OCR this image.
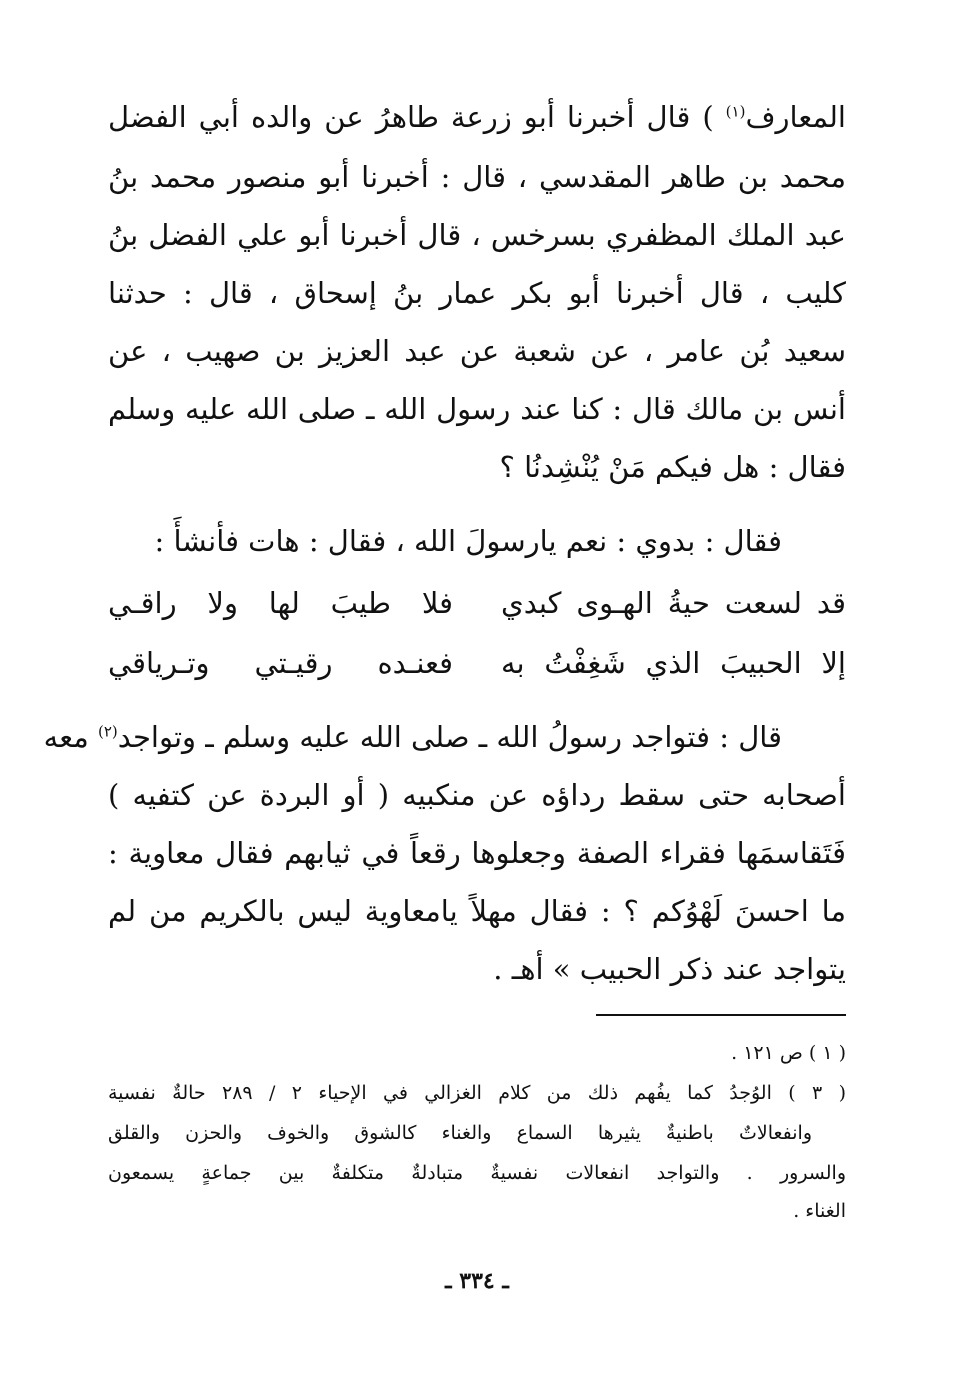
المعارف$^{(١)}$ ) قال أخبرنا أبو زرعة طاهرُ عن والده أبي الفضل
محمد بن طاهر المقدسي ، قال : أخبرنا أبو منصور محمد بنُ
عبد الملك المظفري بسرخس ، قال أخبرنا أبو علي الفضل بنُ
كليب ، قال أخبرنا أبو بكر عمار بنُ إسحاق ، قال : حدثنا
سعيد بُن عامر ، عن شعبة عن عبد العزيز بن صهيب ، عن
أنس بن مالك قال : كنا عند رسول الله ـ صلى الله عليه وسلم
فقال : هل فيكم مَنْ يُنْشِدنُا ؟
فقال : بدوي : نعم يارسولَ الله ، فقال : هات فأنشأَ :
قد لسعت حيةُ الهـوى كبدي
فلا طيبَ لها ولا راقـي
إلا الحبيبَ الذي شَغِفْتُ به
فعنـده رقيـتي وتـرياقي
قال : فتواجد رسولُ الله ـ صلى الله عليه وسلم ـ وتواجد$^{(٢)}$ معه
أصحابه حتى سقط رداؤه عن منكبيه ( أو البردة عن كتفيه )
فَتَقاسمَها فقراء الصفة وجعلوها رقعاً في ثيابهم فقال معاوية :
ما احسنَ لَهْوُكم ؟ : فقال مهلاً يامعاوية ليس بالكريم من لم
يتواجد عند ذكر الحبيب » أهـ .
( ١ ) ص ١٢١ .
( ٣ ) الوُجدُ كما يفُهم ذلك من كلام الغزالي في الإحياء ٢ / ٢٨٩ حالةٌ نفسية
وانفعالاتٌ باطنيةٌ يثيرها السماع والغناء كالشوق والخوف والحزن والقلق
والسرور . والتواجد انفعالات نفسيةٌ متبادلةٌ متكلفةٌ بين جماعةٍ يسمعون
الغناء .
ـ ٣٣٤ ـ
